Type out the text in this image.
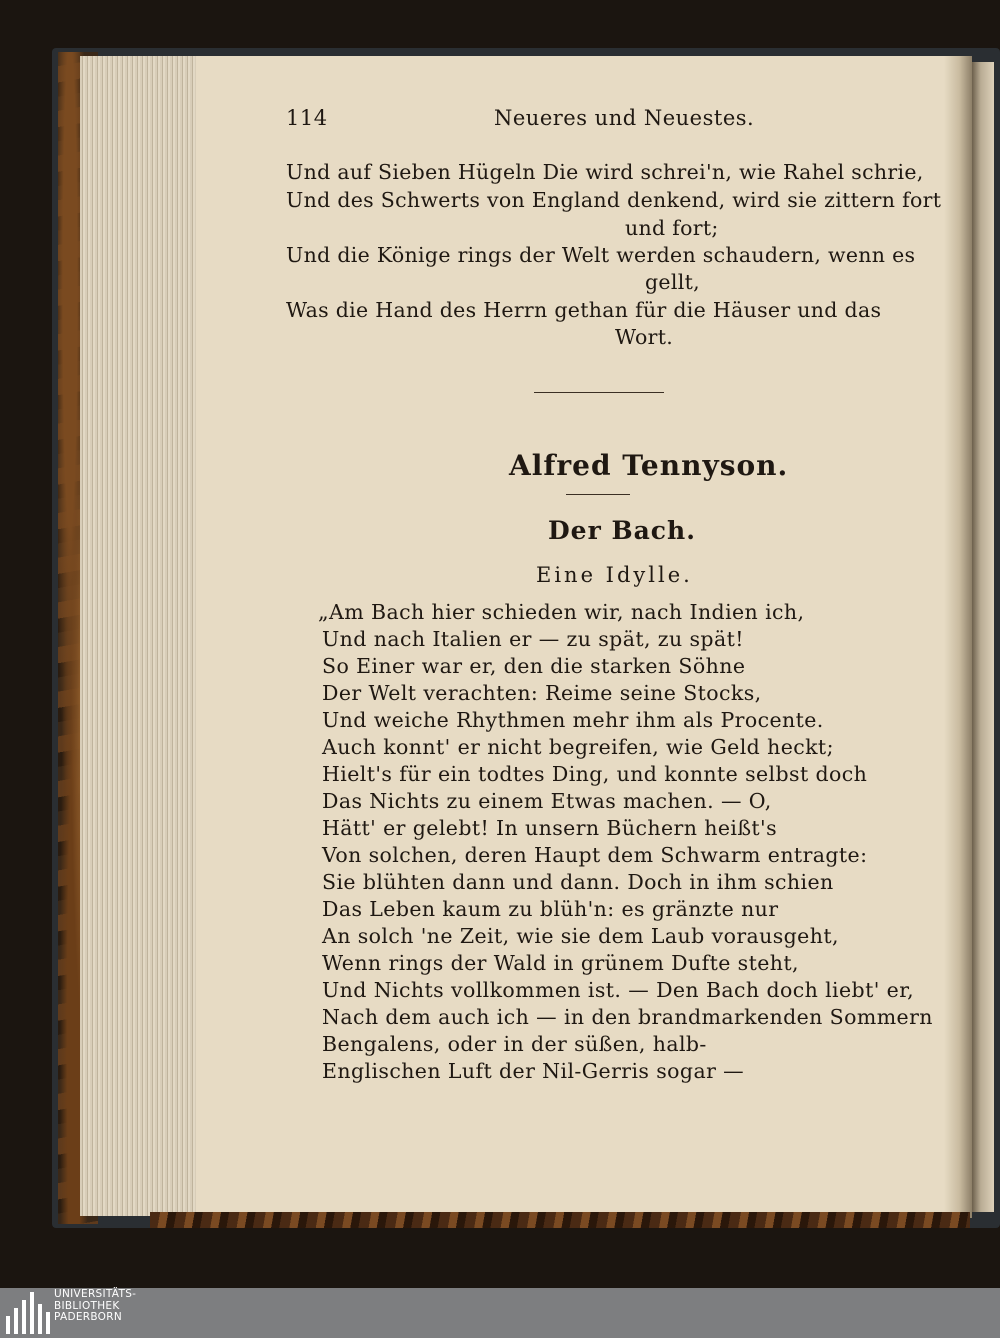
114	Neueres und Neuestes.
Und auf Sieben Hügeln Die wird schrei'n, wie Rahel schrie,
Und des Schwerts von England denkend, wird sie zittern fort
und fort;
Und die Könige rings der Welt werden schaudern, wenn es
gellt,
Was die Hand des Herrn gethan für die Häuser und das
Wort.
Alfred Tennyson.
Der Bach.
Eine Idylle.
„Am Bach hier schieden wir, nach Indien ich,
Und nach Italien er — zu spät, zu spät!
So Einer war er, den die starken Söhne
Der Welt verachten: Reime seine Stocks,
Und weiche Rhythmen mehr ihm als Procente.
Auch konnt' er nicht begreifen, wie Geld heckt;
Hielt's für ein todtes Ding, und konnte selbst doch
Das Nichts zu einem Etwas machen. — O,
Hätt' er gelebt! In unsern Büchern heißt's
Von solchen, deren Haupt dem Schwarm entragte:
Sie blühten dann und dann. Doch in ihm schien
Das Leben kaum zu blüh'n: es gränzte nur
An solch 'ne Zeit, wie sie dem Laub vorausgeht,
Wenn rings der Wald in grünem Dufte steht,
Und Nichts vollkommen ist. — Den Bach doch liebt' er,
Nach dem auch ich — in den brandmarkenden Sommern
Bengalens, oder in der süßen, halb-
Englischen Luft der Nil-Gerris sogar —
UNIVERSITÄTS-
BIBLIOTHEK
PADERBORN
